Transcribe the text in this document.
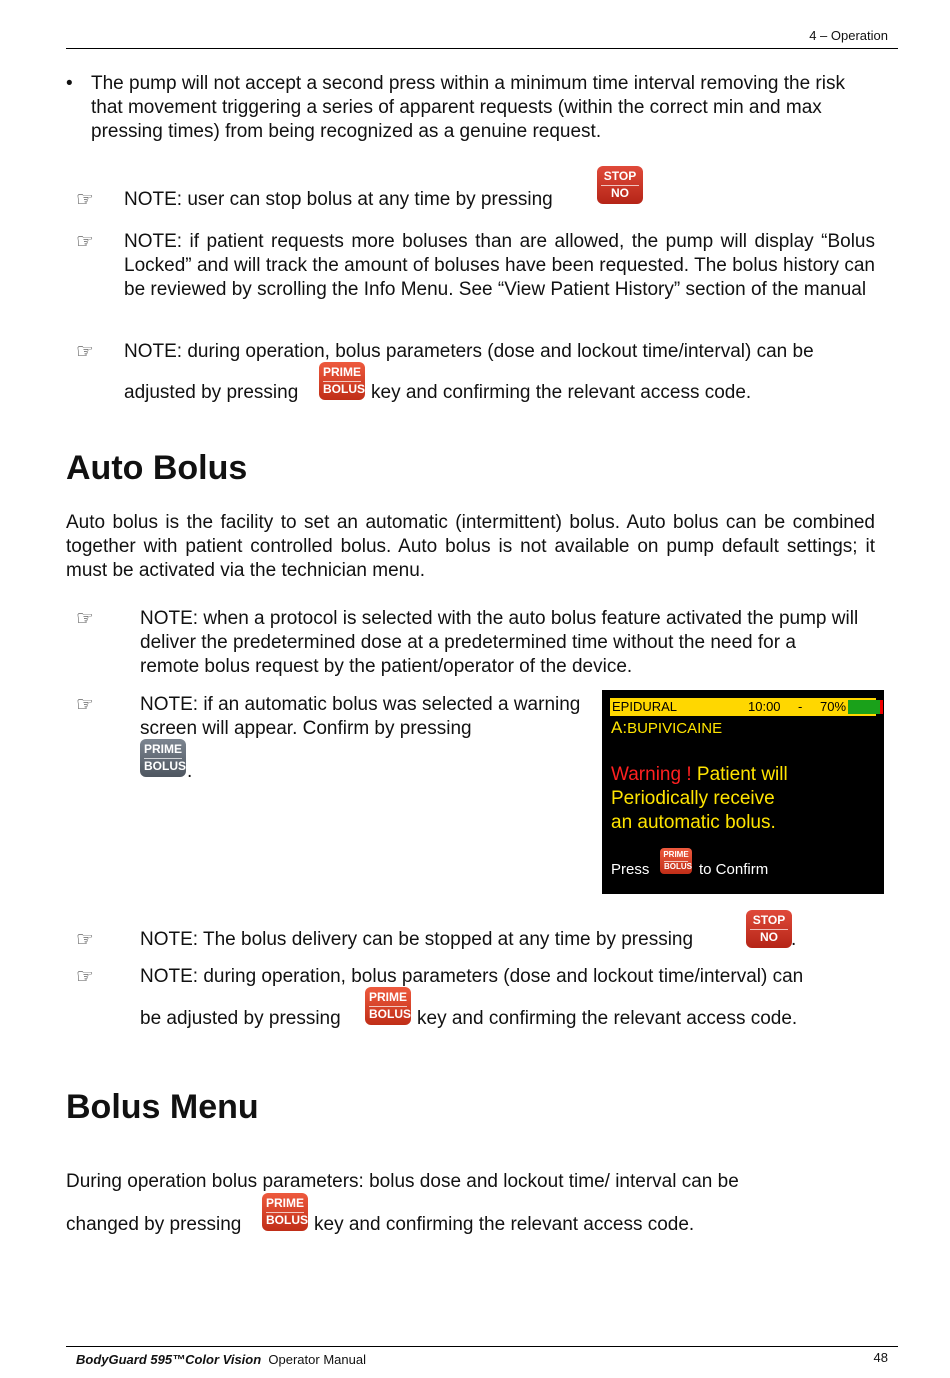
4 – Operation
• The pump will not accept a second press within a minimum time interval removing the risk that movement triggering a series of apparent requests (within the correct min and max pressing times) from being recognized as a genuine request.
☞ NOTE: user can stop bolus at any time by pressing
STOP
NO
☞ NOTE: if patient requests more boluses than are allowed, the pump will display “Bolus Locked” and will track the amount of boluses have been requested. The bolus history can be reviewed by scrolling the Info Menu. See “View Patient History” section of the manual
☞ NOTE: during operation, bolus parameters (dose and lockout time/interval) can be
adjusted by pressing
PRIME
BOLUS key and confirming the relevant access code.
Auto Bolus
Auto bolus is the facility to set an automatic (intermittent) bolus. Auto bolus can be combined together with patient controlled bolus. Auto bolus is not available on pump default settings; it must be activated via the technician menu.
☞ NOTE: when a protocol is selected with the auto bolus feature activated the pump will deliver the predetermined dose at a predetermined time without the need for a remote bolus request by the patient/operator of the device.
☞ NOTE: if an automatic bolus was selected a warning screen will appear. Confirm by pressing
PRIME
BOLUS .
EPIDURAL	10:00 - 70%
A:BUPIVICAINE
Warning ! Patient will
Periodically receive
an automatic bolus.
Press
PRIME
BOLUS to Confirm
☞ NOTE: The bolus delivery can be stopped at any time by pressing
STOP
NO .
☞ NOTE: during operation, bolus parameters (dose and lockout time/interval) can
be adjusted by pressing
PRIME
BOLUS key and confirming the relevant access code.
Bolus Menu
During operation bolus parameters: bolus dose and lockout time/ interval can be
changed by pressing
PRIME
BOLUS key and confirming the relevant access code.
BodyGuard 595™Color Vision Operator Manual	48
